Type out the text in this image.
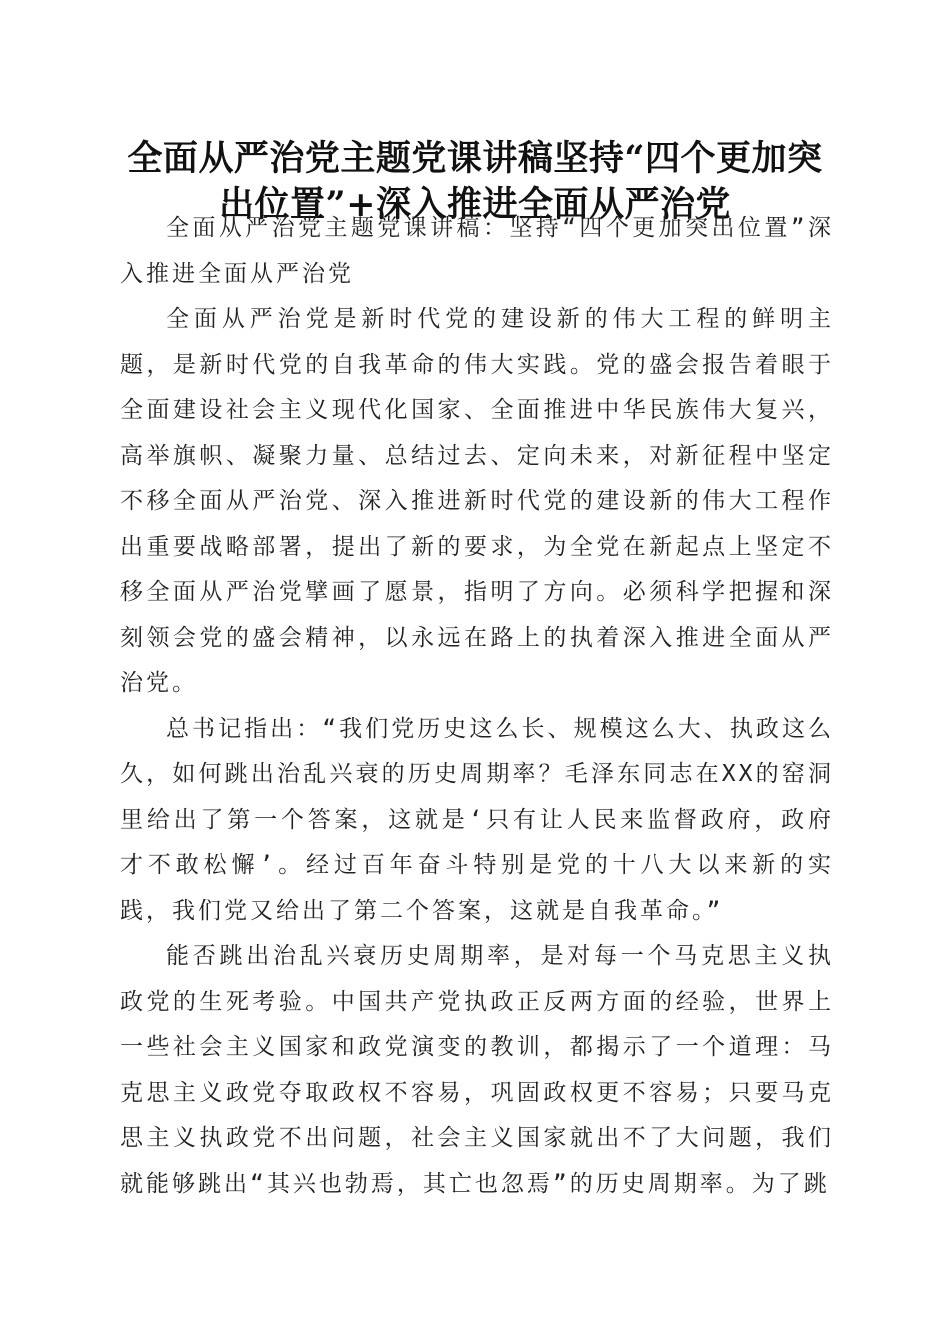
全面从严治党主题党课讲稿坚持“四个更加突出位置”+深入推进全面从严治党

全面从严治党主题党课讲稿：坚持“四个更加突出位置”深入推进全面从严治党

全面从严治党是新时代党的建设新的伟大工程的鲜明主题，是新时代党的自我革命的伟大实践。党的盛会报告着眼于全面建设社会主义现代化国家、全面推进中华民族伟大复兴，高举旗帜、凝聚力量、总结过去、定向未来，对新征程中坚定不移全面从严治党、深入推进新时代党的建设新的伟大工程作出重要战略部署，提出了新的要求，为全党在新起点上坚定不移全面从严治党擘画了愿景，指明了方向。必须科学把握和深刻领会党的盛会精神，以永远在路上的执着深入推进全面从严治党。

总书记指出：“我们党历史这么长、规模这么大、执政这么久，如何跳出治乱兴衰的历史周期率？毛泽东同志在XX的窑洞里给出了第一个答案，这就是‘只有让人民来监督政府，政府才不敢松懈’。经过百年奋斗特别是党的十八大以来新的实践，我们党又给出了第二个答案，这就是自我革命。”

能否跳出治乱兴衰历史周期率，是对每一个马克思主义执政党的生死考验。中国共产党执政正反两方面的经验，世界上一些社会主义国家和政党演变的教训，都揭示了一个道理：马克思主义政党夺取政权不容易，巩固政权更不容易；只要马克思主义执政党不出问题，社会主义国家就出不了大问题，我们就能够跳出“其兴也勃焉，其亡也忽焉”的历史周期率。为了跳
